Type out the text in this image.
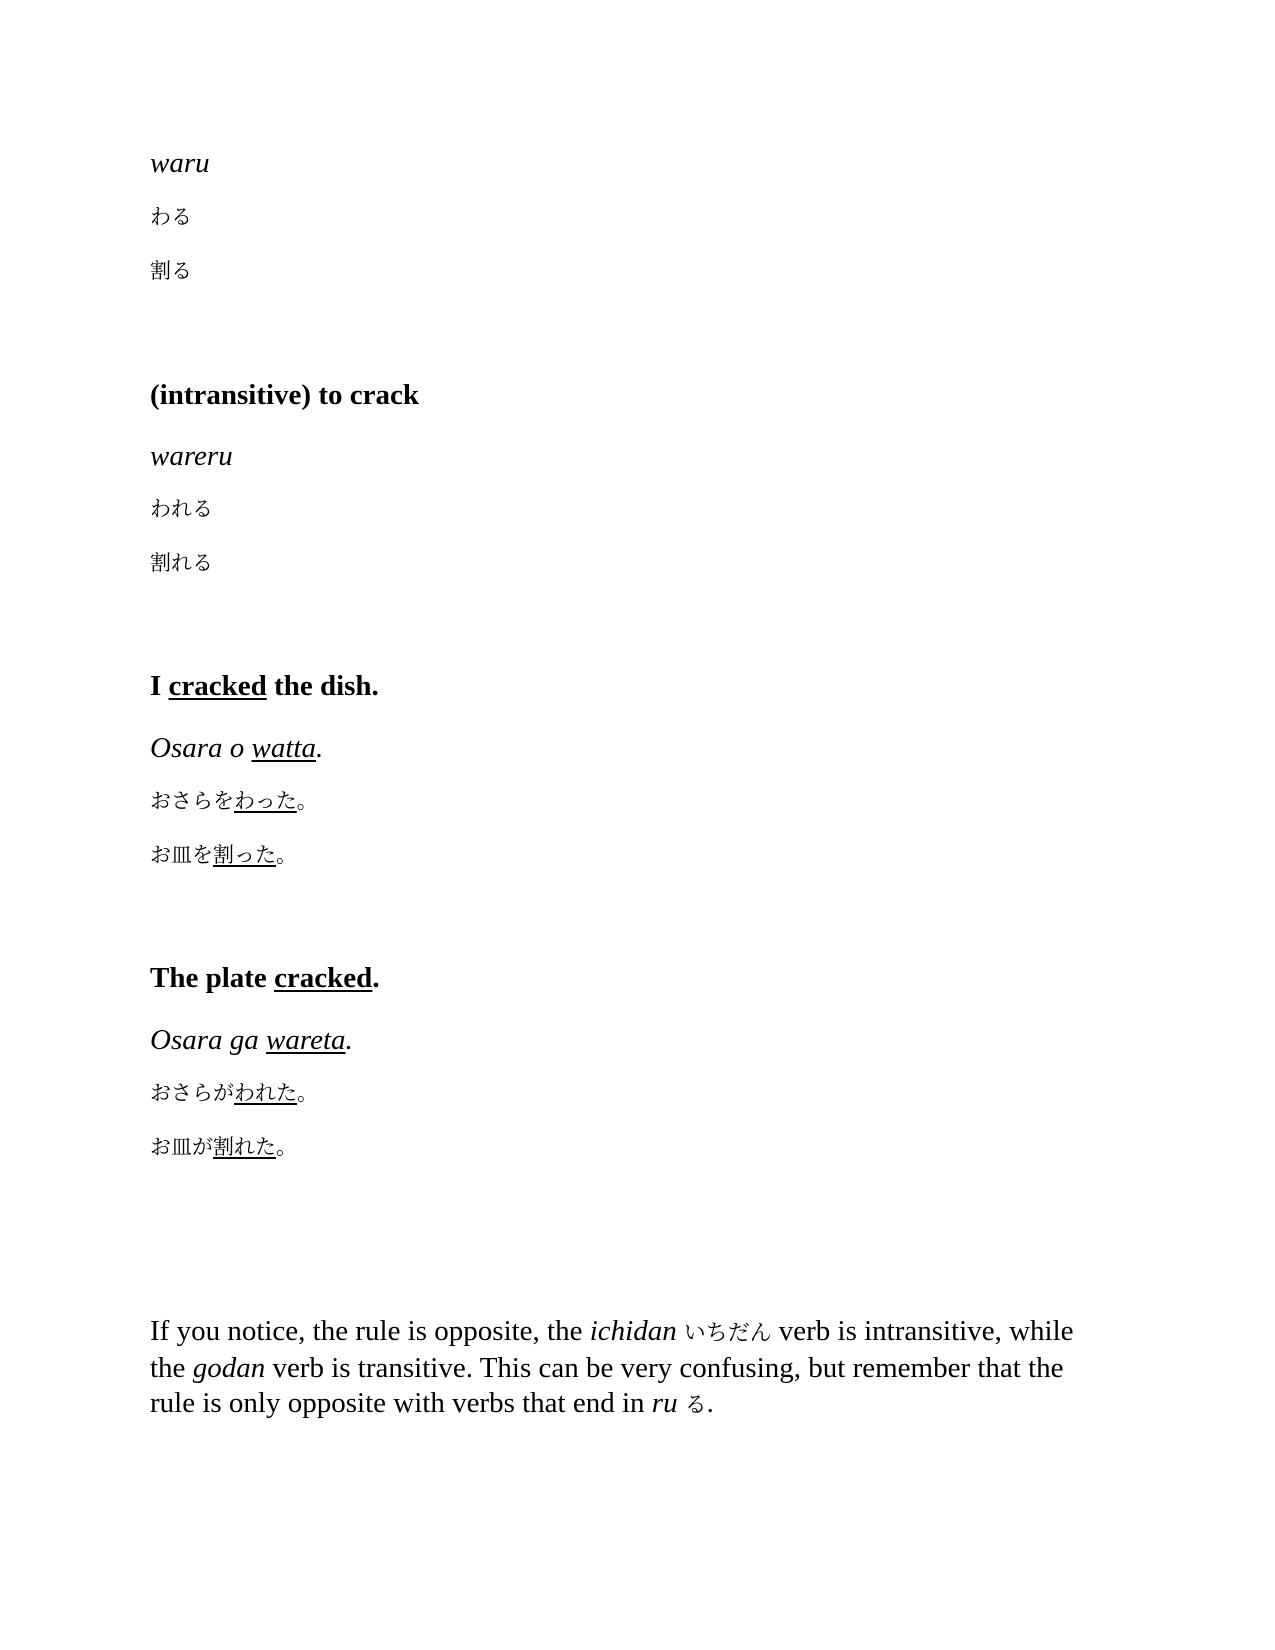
waru
わる
割る
(intransitive) to crack
wareru
われる
割れる
I cracked the dish.
Osara o watta.
おさらをわった。
お皿を割った。
The plate cracked.
Osara ga wareta.
おさらがわれた。
お皿が割れた。
If you notice, the rule is opposite, the ichidan いちだん verb is intransitive, while the godan verb is transitive. This can be very confusing, but remember that the rule is only opposite with verbs that end in ru る.
